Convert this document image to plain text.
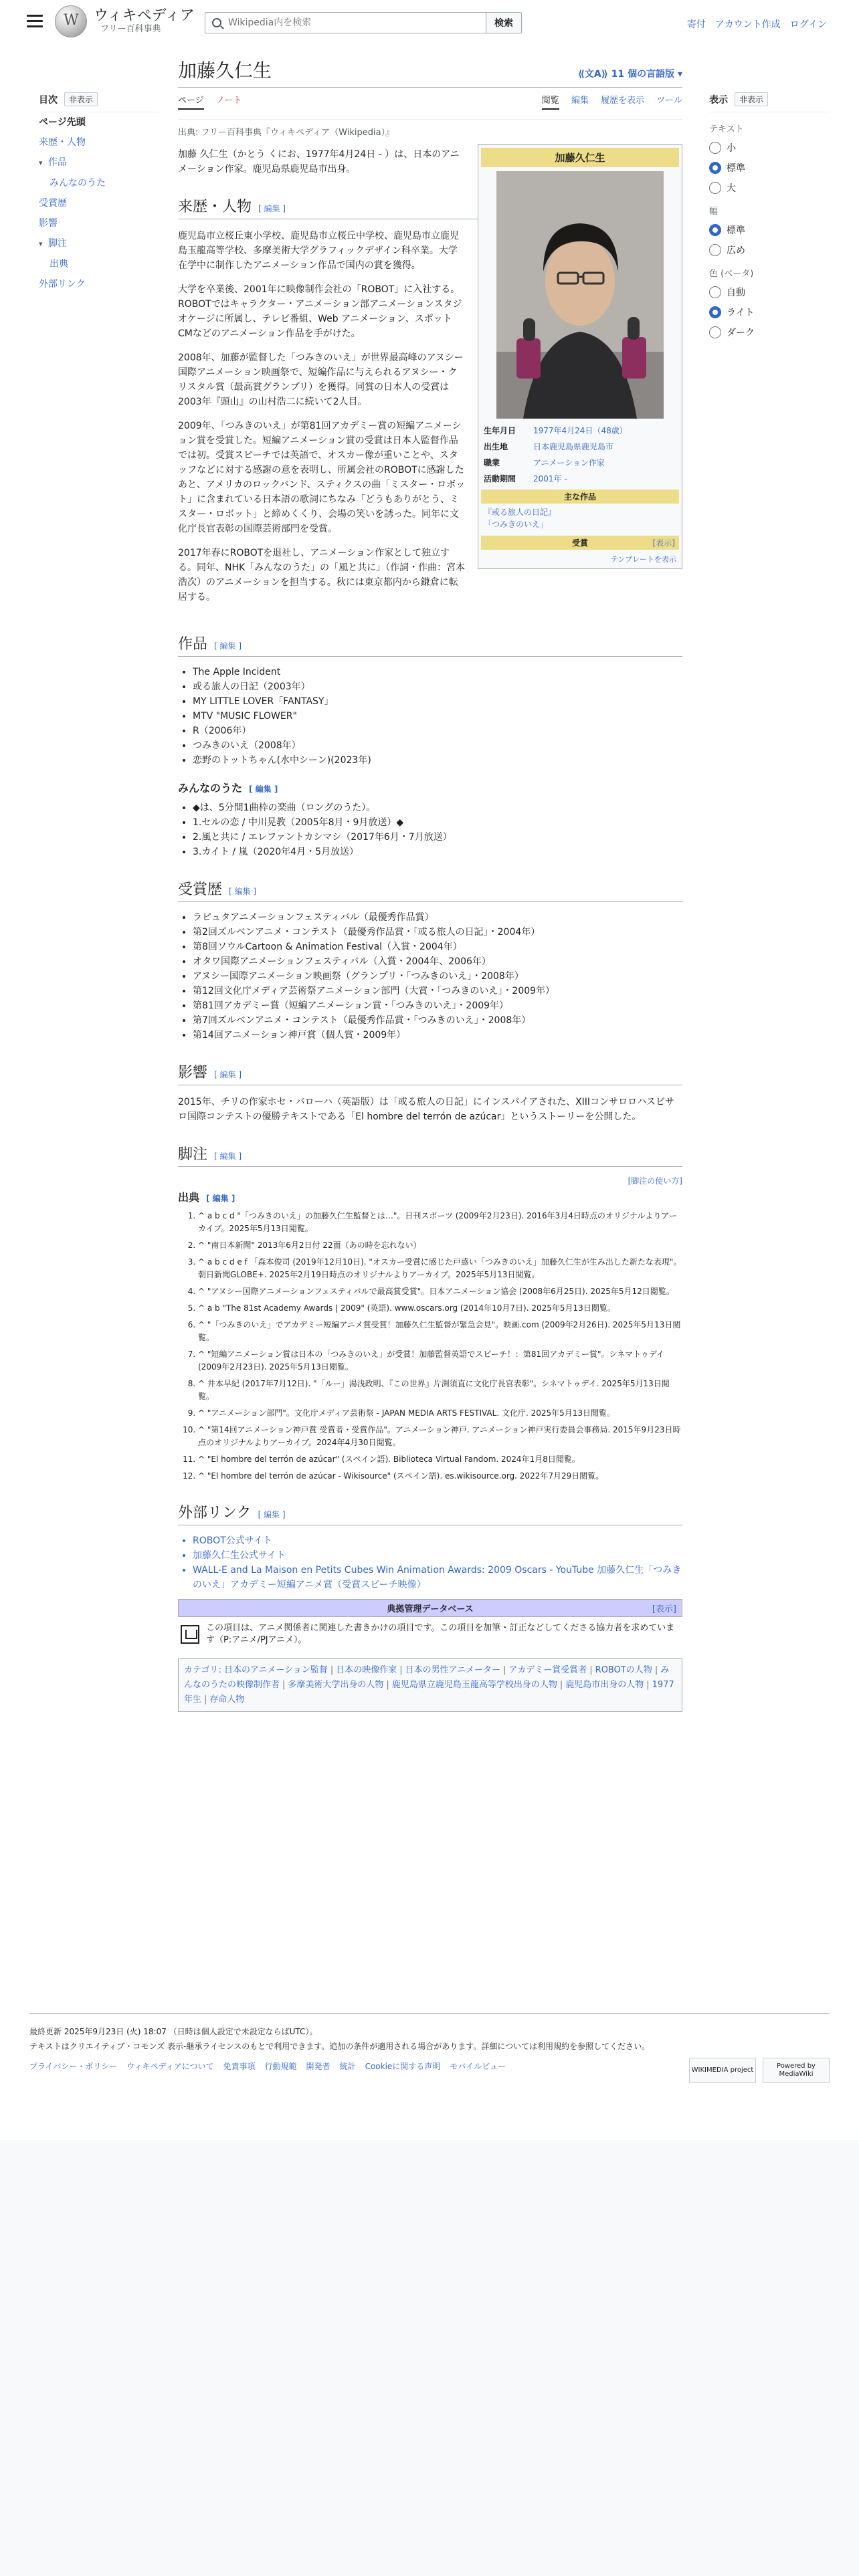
W
ウィキペディア
フリー百科事典
Wikipedia内を検索
検索	寄付 アカウント作成 ログイン
目次	非表示
ページ先頭
来歴・人物
▾ 作品
みんなのうた
受賞歴
影響
▾ 脚注
出典
外部リンク
表示	非表示
テキスト
小
標準
大
幅
標準
広め
色 (ベータ)
自動
ライト
ダーク
加藤久仁生	⟪文A⟫ 11 個の言語版 ▾
ページ ノート	閲覧 編集 履歴を表示 ツール
出典: フリー百科事典『ウィキペディア（Wikipedia）』
加藤久仁生
生年月日	1977年4月24日（48歳）
出生地	日本鹿児島県鹿児島市
職業	アニメーション作家
活動期間	2001年 -
主な作品
『或る旅人の日記』
「つみきのいえ」
受賞	[表示]
テンプレートを表示

加藤 久仁生（かとう くにお、1977年4月24日 - ）は、日本のアニメーション作家。鹿児島県鹿児島市出身。

来歴・人物 [ 編集 ]

鹿児島市立桜丘東小学校、鹿児島市立桜丘中学校、鹿児島市立鹿児島玉龍高等学校、多摩美術大学グラフィックデザイン科卒業。大学在学中に制作したアニメーション作品で国内の賞を獲得。

大学を卒業後、2001年に映像制作会社の「ROBOT」に入社する。ROBOTではキャラクター・アニメーション部アニメーションスタジオケージに所属し、テレビ番組、Web アニメーション、スポットCMなどのアニメーション作品を手がけた。

2008年、加藤が監督した「つみきのいえ」が世界最高峰のアヌシー国際アニメーション映画祭で、短編作品に与えられるアヌシー・クリスタル賞（最高賞グランプリ）を獲得。同賞の日本人の受賞は2003年『頭山』の山村浩二に続いて2人目。

2009年、「つみきのいえ」が第81回アカデミー賞の短編アニメーション賞を受賞した。短編アニメーション賞の受賞は日本人監督作品では初。受賞スピーチでは英語で、オスカー像が重いことや、スタッフなどに対する感謝の意を表明し、所属会社のROBOTに感謝したあと、アメリカのロックバンド、スティクスの曲「ミスター・ロボット」に含まれている日本語の歌詞にちなみ「どうもありがとう、ミスター・ロボット」と締めくくり、会場の笑いを誘った。同年に文化庁長官表彰の国際芸術部門を受賞。

2017年春にROBOTを退社し、アニメーション作家として独立する。同年、NHK「みんなのうた」の「風と共に」（作詞・作曲：宮本浩次）のアニメーションを担当する。秋には東京都内から鎌倉に転居する。

作品 [ 編集 ]
• The Apple Incident
• 或る旅人の日記（2003年）
• MY LITTLE LOVER「FANTASY」
• MTV "MUSIC FLOWER"
• R（2006年）
• つみきのいえ（2008年）
• 恋野のトットちゃん(水中シーン)(2023年)
みんなのうた [ 編集 ]
• ◆は、5分間1曲枠の楽曲（ロングのうた）。
• 1.セルの恋 / 中川晃教（2005年8月・9月放送）◆
• 2.風と共に / エレファントカシマシ（2017年6月・7月放送）
• 3.カイト / 嵐（2020年4月・5月放送）
受賞歴 [ 編集 ]
• ラピュタアニメーションフェスティバル（最優秀作品賞）
• 第2回ズルベンアニメ・コンテスト（最優秀作品賞・「或る旅人の日記」・2004年）
• 第8回ソウルCartoon & Animation Festival（入賞・2004年）
• オタワ国際アニメーションフェスティバル（入賞・2004年、2006年）
• アヌシー国際アニメーション映画祭（グランプリ・「つみきのいえ」・2008年）
• 第12回文化庁メディア芸術祭アニメーション部門（大賞・「つみきのいえ」・2009年）
• 第81回アカデミー賞（短編アニメーション賞・「つみきのいえ」・2009年）
• 第7回ズルベンアニメ・コンテスト（最優秀作品賞・「つみきのいえ」・2008年）
• 第14回アニメーション神戸賞（個人賞・2009年）
影響 [ 編集 ]

2015年、チリの作家ホセ・バローハ（英語版）は「或る旅人の日記」にインスパイアされた、XIIIコンサロロハスビサロ国際コンテストの優勝テキストである「El hombre del terrón de azúcar」というストーリーを公開した。

脚注 [ 編集 ]
[脚注の使い方]
出典 [ 編集 ]
1. ^ a b c d "「つみきのいえ」の加藤久仁生監督とは…"。日刊スポーツ (2009年2月23日). 2016年3月4日時点のオリジナルよりアーカイブ。2025年5月13日閲覧。
2. ^ "南日本新聞" 2013年6月2日付 22面（あの時を忘れない）
3. ^ a b c d e f 「森本俊司 (2019年12月10日). "オスカー受賞に感じた戸惑い「つみきのいえ」加藤久仁生が生み出した新たな表現"。朝日新聞GLOBE+. 2025年2月19日時点のオリジナルよりアーカイブ。2025年5月13日閲覧。
4. ^ "アヌシー国際アニメーションフェスティバルで最高賞受賞"。日本アニメーション協会 (2008年6月25日). 2025年5月12日閲覧。
5. ^ a b "The 81st Academy Awards | 2009" (英語). www.oscars.org (2014年10月7日). 2025年5月13日閲覧。
6. ^ "「つみきのいえ」でアカデミー短編アニメ賞受賞！加藤久仁生監督が緊急会見"。映画.com (2009年2月26日). 2025年5月13日閲覧。
7. ^ "短編アニメーション賞は日本の「つみきのいえ」が受賞！加藤監督英語でスピーチ！：第81回アカデミー賞"。シネマトゥデイ (2009年2月23日). 2025年5月13日閲覧。
8. ^ 井本早紀 (2017年7月12日). "「ルー」湯浅政明、『この世界』片渕須直に文化庁長官表彰"。シネマトゥデイ. 2025年5月13日閲覧。
9. ^ "アニメーション部門"。文化庁メディア芸術祭 - JAPAN MEDIA ARTS FESTIVAL. 文化庁. 2025年5月13日閲覧。
10. ^ "第14回アニメーション神戸賞 受賞者・受賞作品"。アニメーション神戸. アニメーション神戸実行委員会事務局. 2015年9月23日時点のオリジナルよりアーカイブ。2024年4月30日閲覧。
11. ^ "El hombre del terrón de azúcar" (スペイン語). Biblioteca Virtual Fandom. 2024年1月8日閲覧。
12. ^ "El hombre del terrón de azúcar - Wikisource" (スペイン語). es.wikisource.org. 2022年7月29日閲覧。
外部リンク [ 編集 ]
• ROBOT公式サイト
• 加藤久仁生公式サイト
• WALL-E and La Maison en Petits Cubes Win Animation Awards: 2009 Oscars - YouTube 加藤久仁生「つみきのいえ」アカデミー短編アニメ賞（受賞スピーチ映像）
典拠管理データベース	[表示]
この項目は、アニメ関係者に関連した書きかけの項目です。この項目を加筆・訂正などしてくださる協力者を求めています（P:アニメ/PJアニメ）。
カテゴリ: 日本のアニメーション監督 | 日本の映像作家 | 日本の男性アニメーター | アカデミー賞受賞者 | ROBOTの人物 | みんなのうたの映像制作者 | 多摩美術大学出身の人物 | 鹿児島県立鹿児島玉龍高等学校出身の人物 | 鹿児島市出身の人物 | 1977年生 | 存命人物
最終更新 2025年9月23日 (火) 18:07 （日時は個人設定で未設定ならばUTC）。
テキストはクリエイティブ・コモンズ 表示-継承ライセンスのもとで利用できます。追加の条件が適用される場合があります。詳細については利用規約を参照してください。
プライバシー・ポリシー ウィキペディアについて 免責事項 行動規範 開発者 統計 Cookieに関する声明 モバイルビュー	WIKIMEDIA project
Powered by MediaWiki
